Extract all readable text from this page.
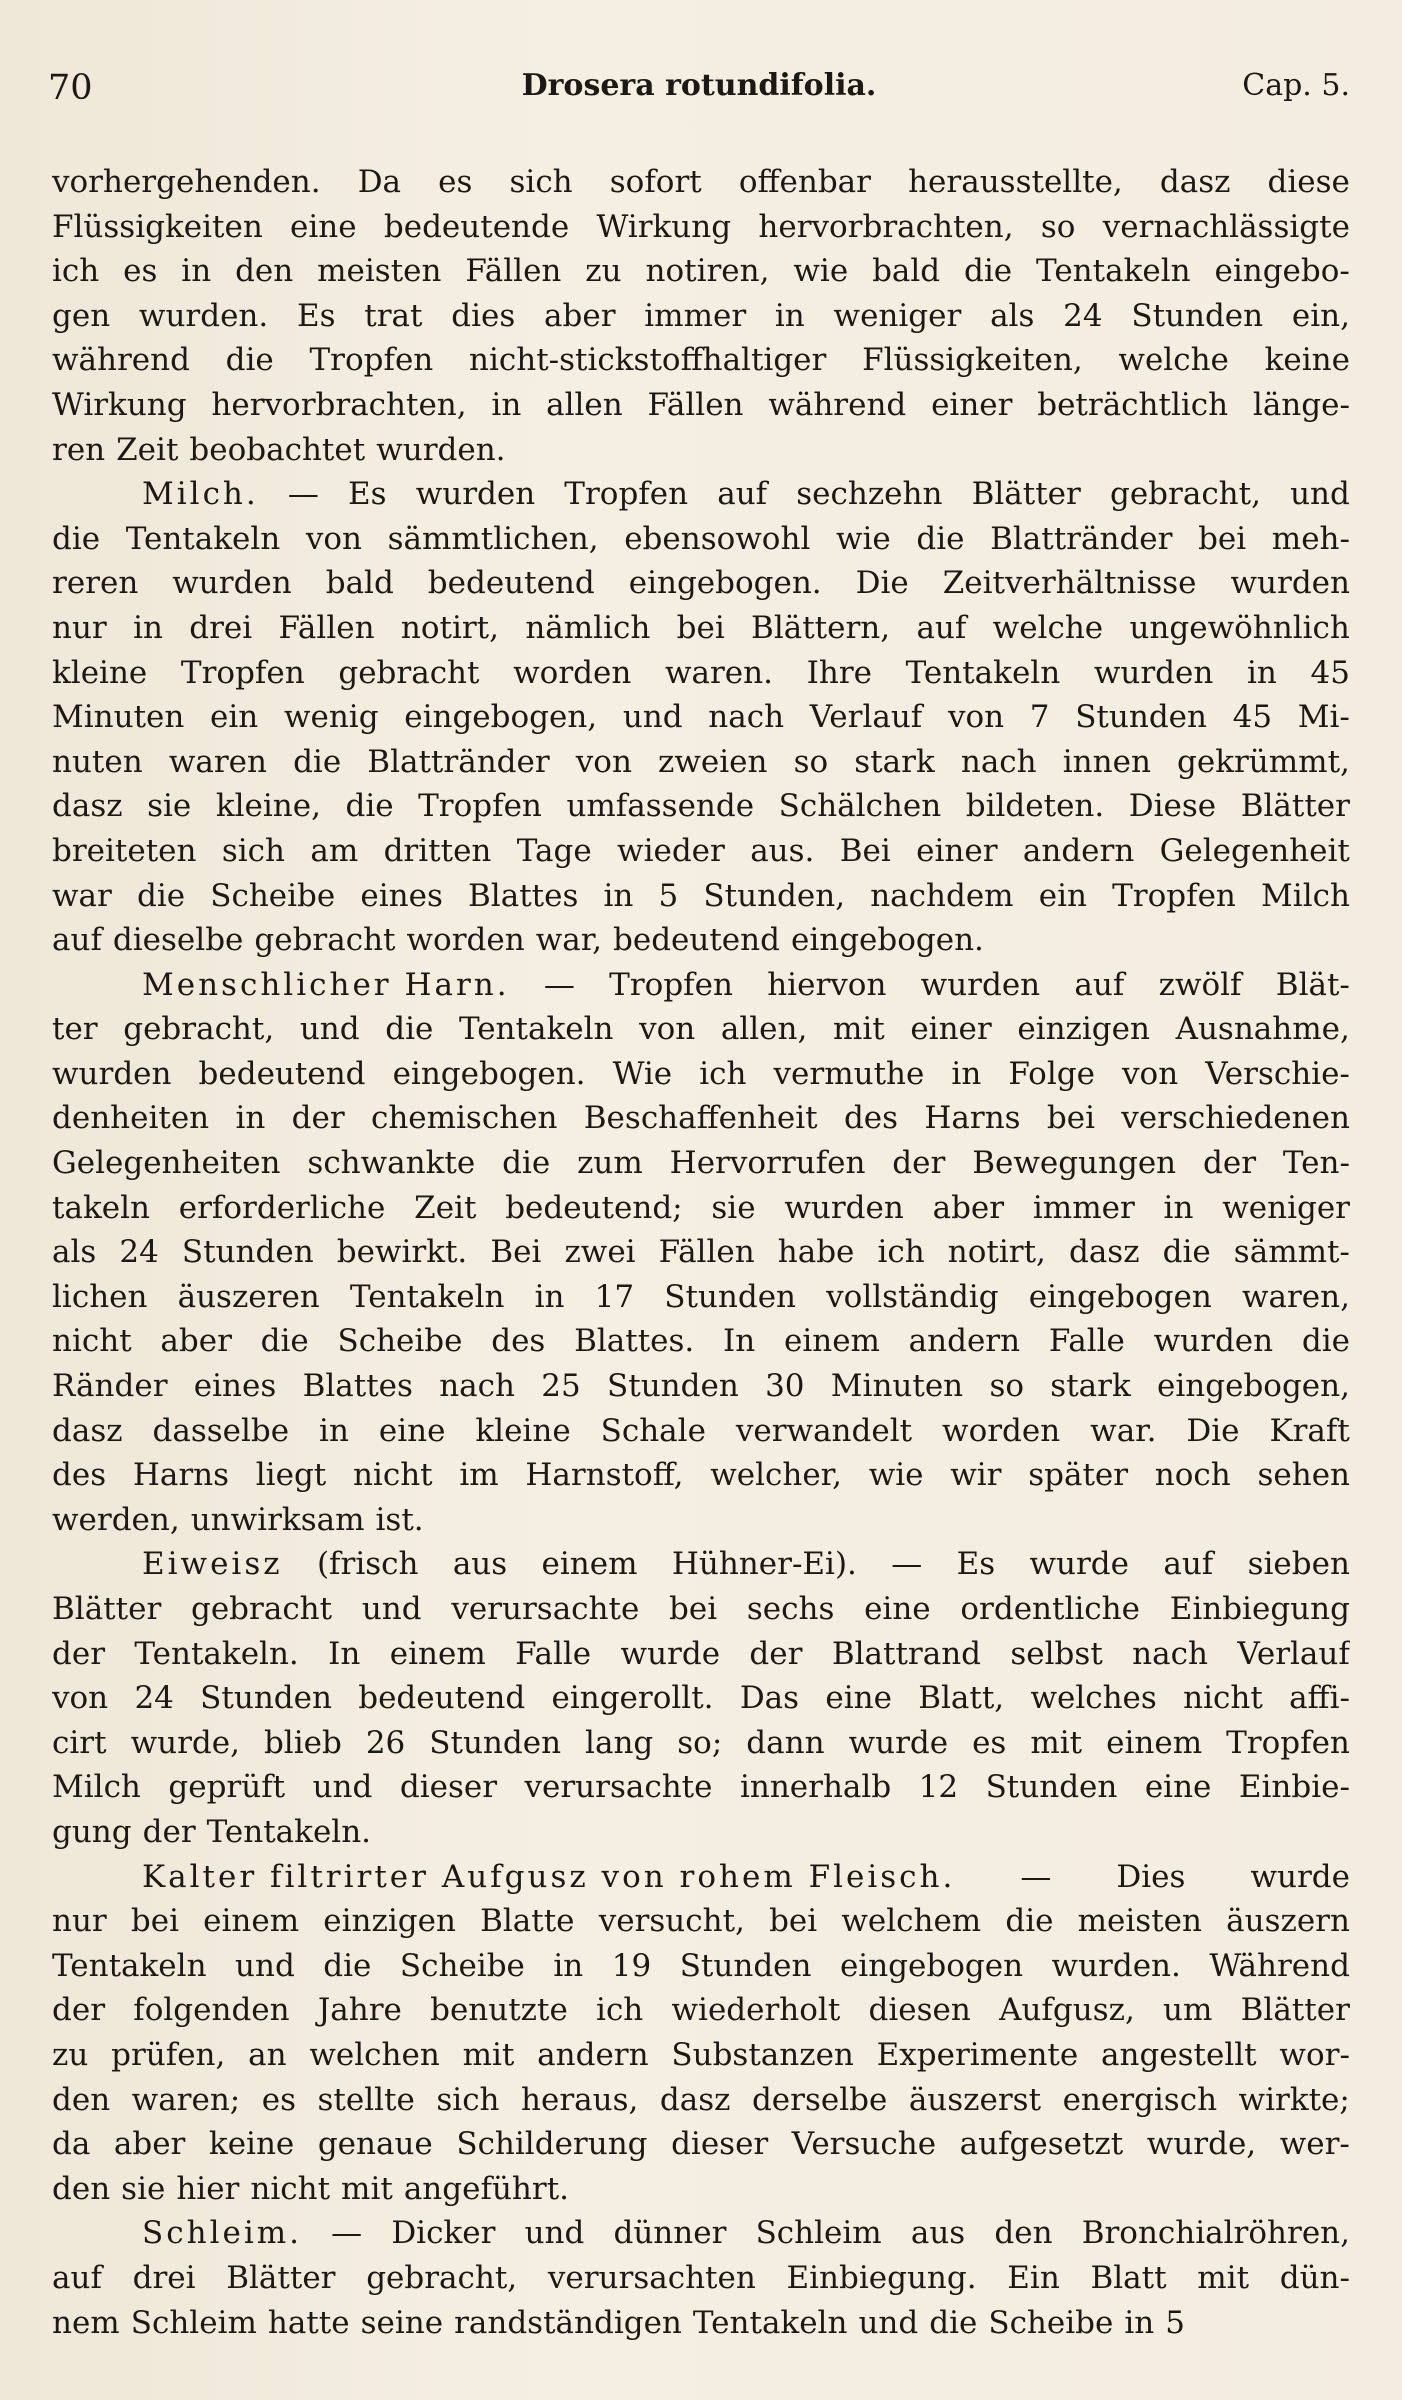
70	Drosera rotundifolia.	Cap. 5.
vorhergehenden. Da es sich sofort offenbar herausstellte, dasz diese
Flüssigkeiten eine bedeutende Wirkung hervorbrachten, so vernachlässigte
ich es in den meisten Fällen zu notiren, wie bald die Tentakeln eingebo-
gen wurden. Es trat dies aber immer in weniger als 24 Stunden ein,
während die Tropfen nicht-stickstoffhaltiger Flüssigkeiten, welche keine
Wirkung hervorbrachten, in allen Fällen während einer beträchtlich länge-
ren Zeit beobachtet wurden.
Milch. — Es wurden Tropfen auf sechzehn Blätter gebracht, und
die Tentakeln von sämmtlichen, ebensowohl wie die Blattränder bei meh-
reren wurden bald bedeutend eingebogen. Die Zeitverhältnisse wurden
nur in drei Fällen notirt, nämlich bei Blättern, auf welche ungewöhnlich
kleine Tropfen gebracht worden waren. Ihre Tentakeln wurden in 45
Minuten ein wenig eingebogen, und nach Verlauf von 7 Stunden 45 Mi-
nuten waren die Blattränder von zweien so stark nach innen gekrümmt,
dasz sie kleine, die Tropfen umfassende Schälchen bildeten. Diese Blätter
breiteten sich am dritten Tage wieder aus. Bei einer andern Gelegenheit
war die Scheibe eines Blattes in 5 Stunden, nachdem ein Tropfen Milch
auf dieselbe gebracht worden war, bedeutend eingebogen.
Menschlicher Harn. — Tropfen hiervon wurden auf zwölf Blät-
ter gebracht, und die Tentakeln von allen, mit einer einzigen Ausnahme,
wurden bedeutend eingebogen. Wie ich vermuthe in Folge von Verschie-
denheiten in der chemischen Beschaffenheit des Harns bei verschiedenen
Gelegenheiten schwankte die zum Hervorrufen der Bewegungen der Ten-
takeln erforderliche Zeit bedeutend; sie wurden aber immer in weniger
als 24 Stunden bewirkt. Bei zwei Fällen habe ich notirt, dasz die sämmt-
lichen äuszeren Tentakeln in 17 Stunden vollständig eingebogen waren,
nicht aber die Scheibe des Blattes. In einem andern Falle wurden die
Ränder eines Blattes nach 25 Stunden 30 Minuten so stark eingebogen,
dasz dasselbe in eine kleine Schale verwandelt worden war. Die Kraft
des Harns liegt nicht im Harnstoff, welcher, wie wir später noch sehen
werden, unwirksam ist.
Eiweisz (frisch aus einem Hühner-Ei). — Es wurde auf sieben
Blätter gebracht und verursachte bei sechs eine ordentliche Einbiegung
der Tentakeln. In einem Falle wurde der Blattrand selbst nach Verlauf
von 24 Stunden bedeutend eingerollt. Das eine Blatt, welches nicht affi-
cirt wurde, blieb 26 Stunden lang so; dann wurde es mit einem Tropfen
Milch geprüft und dieser verursachte innerhalb 12 Stunden eine Einbie-
gung der Tentakeln.
Kalter filtrirter Aufgusz von rohem Fleisch. — Dies wurde
nur bei einem einzigen Blatte versucht, bei welchem die meisten äuszern
Tentakeln und die Scheibe in 19 Stunden eingebogen wurden. Während
der folgenden Jahre benutzte ich wiederholt diesen Aufgusz, um Blätter
zu prüfen, an welchen mit andern Substanzen Experimente angestellt wor-
den waren; es stellte sich heraus, dasz derselbe äuszerst energisch wirkte;
da aber keine genaue Schilderung dieser Versuche aufgesetzt wurde, wer-
den sie hier nicht mit angeführt.
Schleim. — Dicker und dünner Schleim aus den Bronchialröhren,
auf drei Blätter gebracht, verursachten Einbiegung. Ein Blatt mit dün-
nem Schleim hatte seine randständigen Tentakeln und die Scheibe in 5
